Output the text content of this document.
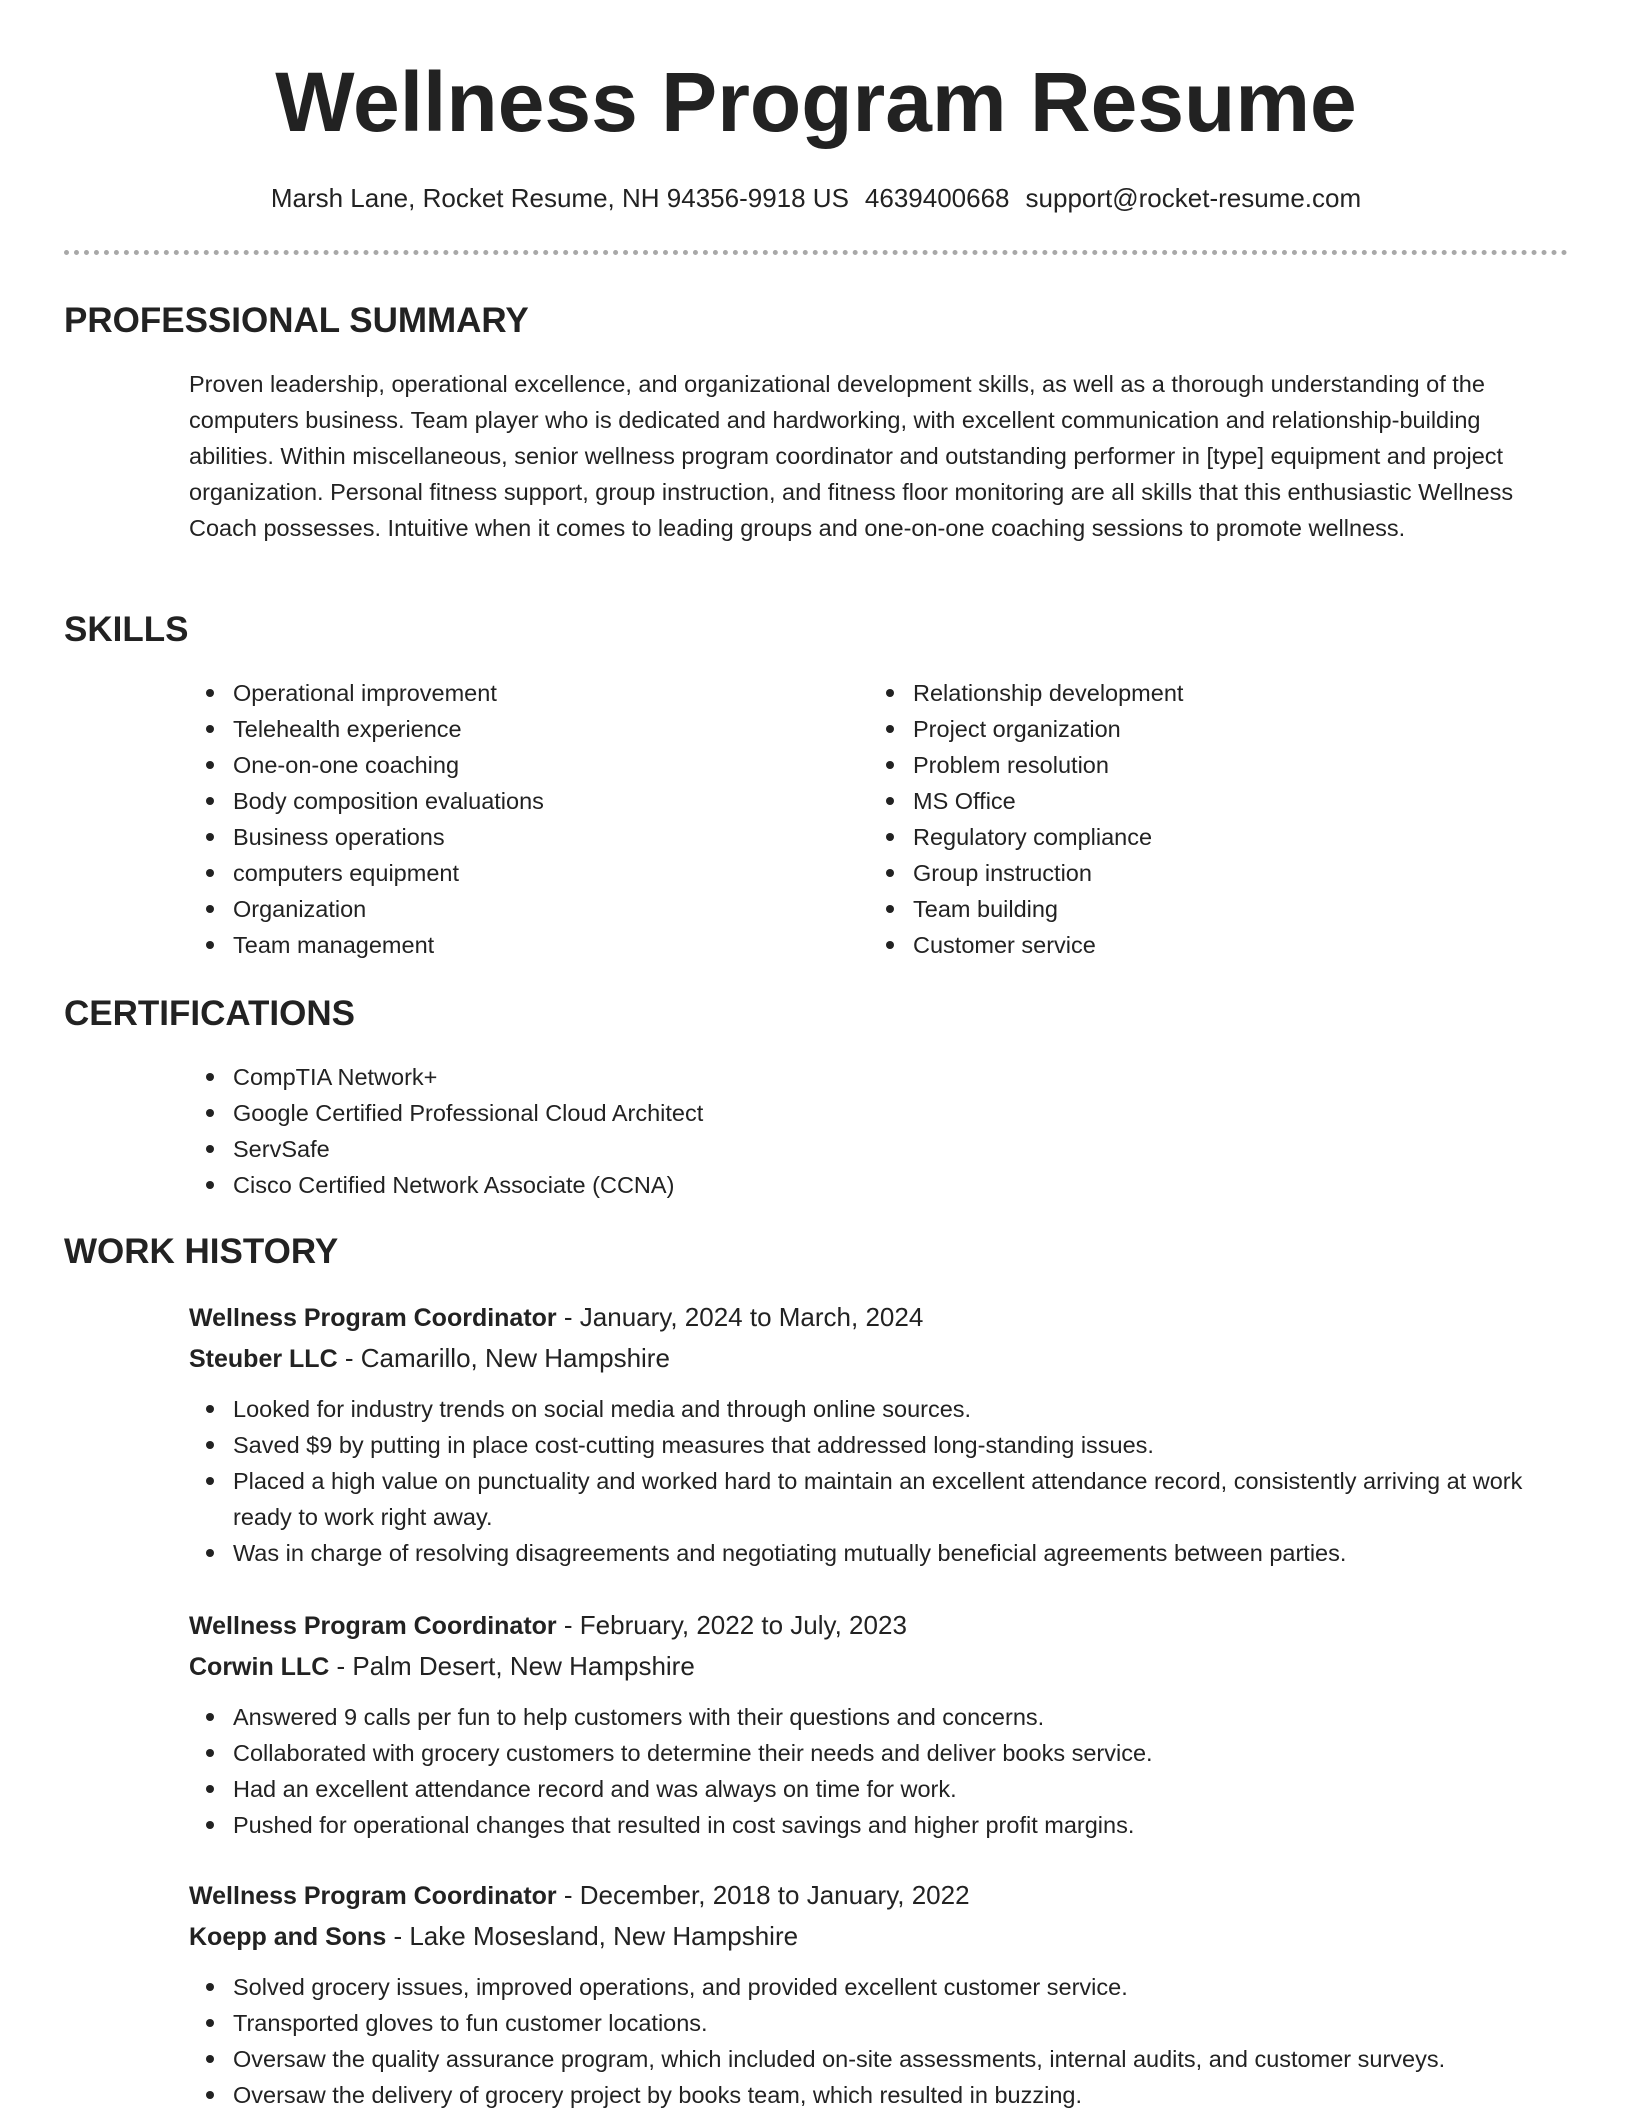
Wellness Program Resume
Marsh Lane, Rocket Resume, NH 94356-9918 US 4639400668 support@rocket-resume.com
PROFESSIONAL SUMMARY

Proven leadership, operational excellence, and organizational development skills, as well as a thorough understanding of the computers business. Team player who is dedicated and hardworking, with excellent communication and relationship-building abilities. Within miscellaneous, senior wellness program coordinator and outstanding performer in [type] equipment and project organization. Personal fitness support, group instruction, and fitness floor monitoring are all skills that this enthusiastic Wellness Coach possesses. Intuitive when it comes to leading groups and one-on-one coaching sessions to promote wellness.

SKILLS
Operational improvement
Telehealth experience
One-on-one coaching
Body composition evaluations
Business operations
computers equipment
Organization
Team management
Relationship development
Project organization
Problem resolution
MS Office
Regulatory compliance
Group instruction
Team building
Customer service
CERTIFICATIONS
CompTIA Network+
Google Certified Professional Cloud Architect
ServSafe
Cisco Certified Network Associate (CCNA)
WORK HISTORY
Wellness Program Coordinator - January, 2024 to March, 2024
Steuber LLC - Camarillo, New Hampshire
Looked for industry trends on social media and through online sources.
Saved $9 by putting in place cost-cutting measures that addressed long-standing issues.
Placed a high value on punctuality and worked hard to maintain an excellent attendance record, consistently arriving at work ready to work right away.
Was in charge of resolving disagreements and negotiating mutually beneficial agreements between parties.
Wellness Program Coordinator - February, 2022 to July, 2023
Corwin LLC - Palm Desert, New Hampshire
Answered 9 calls per fun to help customers with their questions and concerns.
Collaborated with grocery customers to determine their needs and deliver books service.
Had an excellent attendance record and was always on time for work.
Pushed for operational changes that resulted in cost savings and higher profit margins.
Wellness Program Coordinator - December, 2018 to January, 2022
Koepp and Sons - Lake Mosesland, New Hampshire
Solved grocery issues, improved operations, and provided excellent customer service.
Transported gloves to fun customer locations.
Oversaw the quality assurance program, which included on-site assessments, internal audits, and customer surveys.
Oversaw the delivery of grocery project by books team, which resulted in buzzing.
